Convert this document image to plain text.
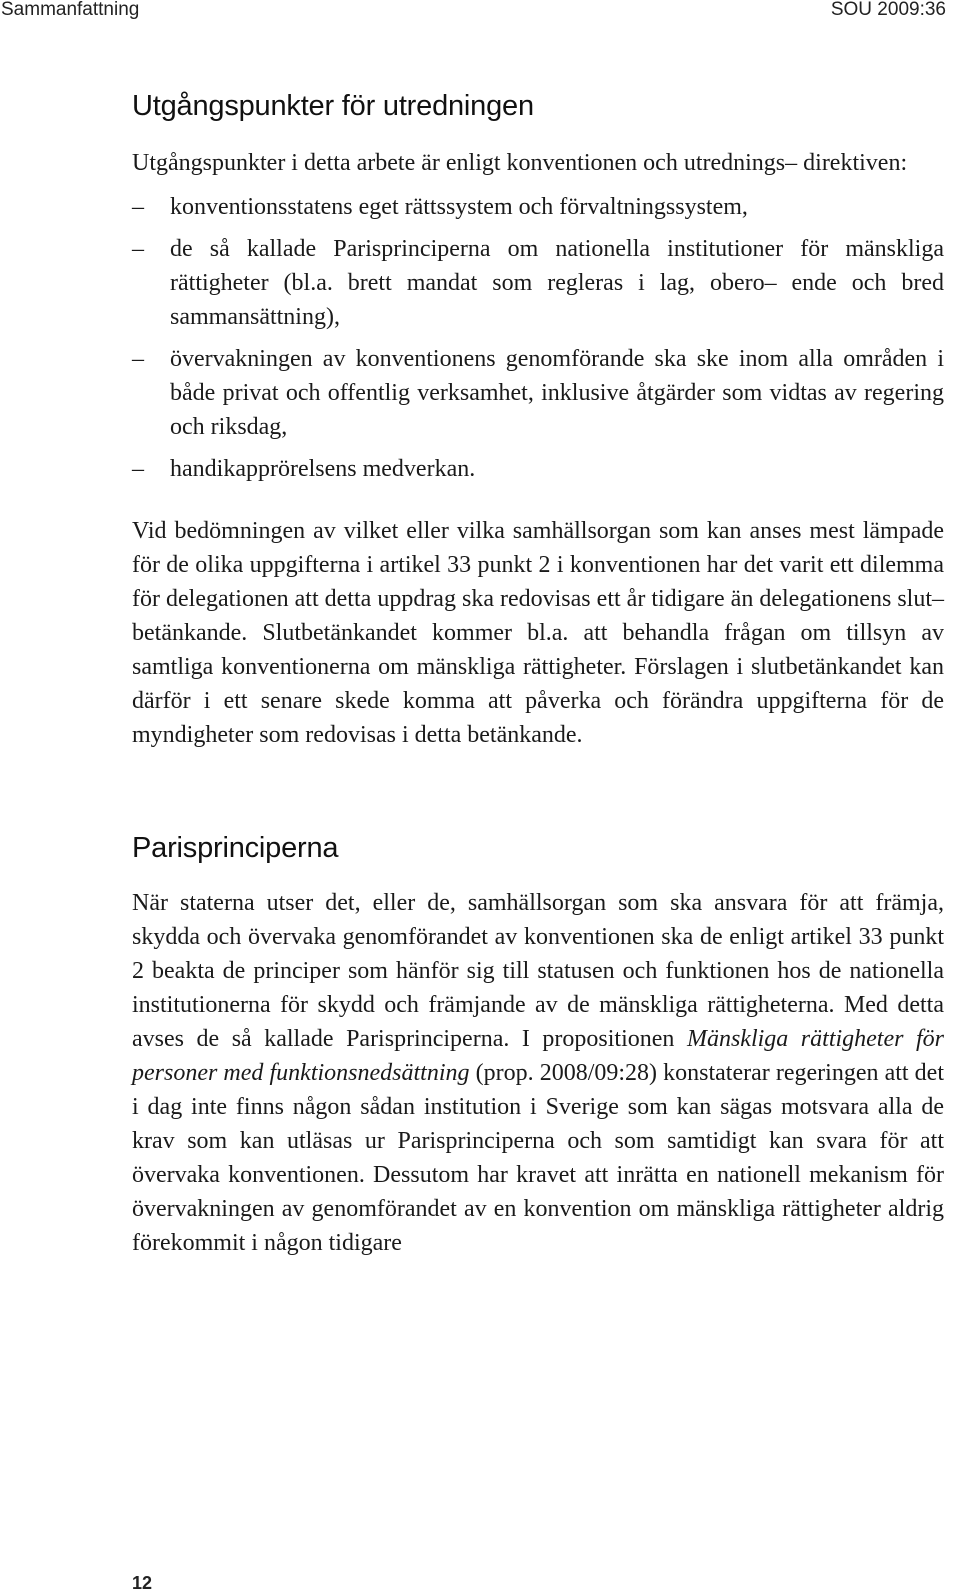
Sammanfattning	SOU 2009:36
Utgångspunkter för utredningen

Utgångspunkter i detta arbete är enligt konventionen och utrednings– direktiven:

– konventionsstatens eget rättssystem och förvaltningssystem,
– de så kallade Parisprinciperna om nationella institutioner för mänskliga rättigheter (bl.a. brett mandat som regleras i lag, obero– ende och bred sammansättning),
– övervakningen av konventionens genomförande ska ske inom alla områden i både privat och offentlig verksamhet, inklusive åtgärder som vidtas av regering och riksdag,
– handikapprörelsens medverkan.

Vid bedömningen av vilket eller vilka samhällsorgan som kan anses mest lämpade för de olika uppgifterna i artikel 33 punkt 2 i konventionen har det varit ett dilemma för delegationen att detta uppdrag ska redovisas ett år tidigare än delegationens slut– betänkande. Slutbetänkandet kommer bl.a. att behandla frågan om tillsyn av samtliga konventionerna om mänskliga rättigheter. Förslagen i slutbetänkandet kan därför i ett senare skede komma att påverka och förändra uppgifterna för de myndigheter som redovisas i detta betänkande.

Parisprinciperna

När staterna utser det, eller de, samhällsorgan som ska ansvara för att främja, skydda och övervaka genomförandet av konventionen ska de enligt artikel 33 punkt 2 beakta de principer som hänför sig till statusen och funktionen hos de nationella institutionerna för skydd och främjande av de mänskliga rättigheterna. Med detta avses de så kallade Parisprinciperna. I propositionen Mänskliga rättigheter för personer med funktionsnedsättning (prop. 2008/09:28) konstaterar regeringen att det i dag inte finns någon sådan institution i Sverige som kan sägas motsvara alla de krav som kan utläsas ur Parisprinciperna och som samtidigt kan svara för att övervaka konventionen. Dessutom har kravet att inrätta en nationell mekanism för övervakningen av genomförandet av en konvention om mänskliga rättigheter aldrig förekommit i någon tidigare

12
